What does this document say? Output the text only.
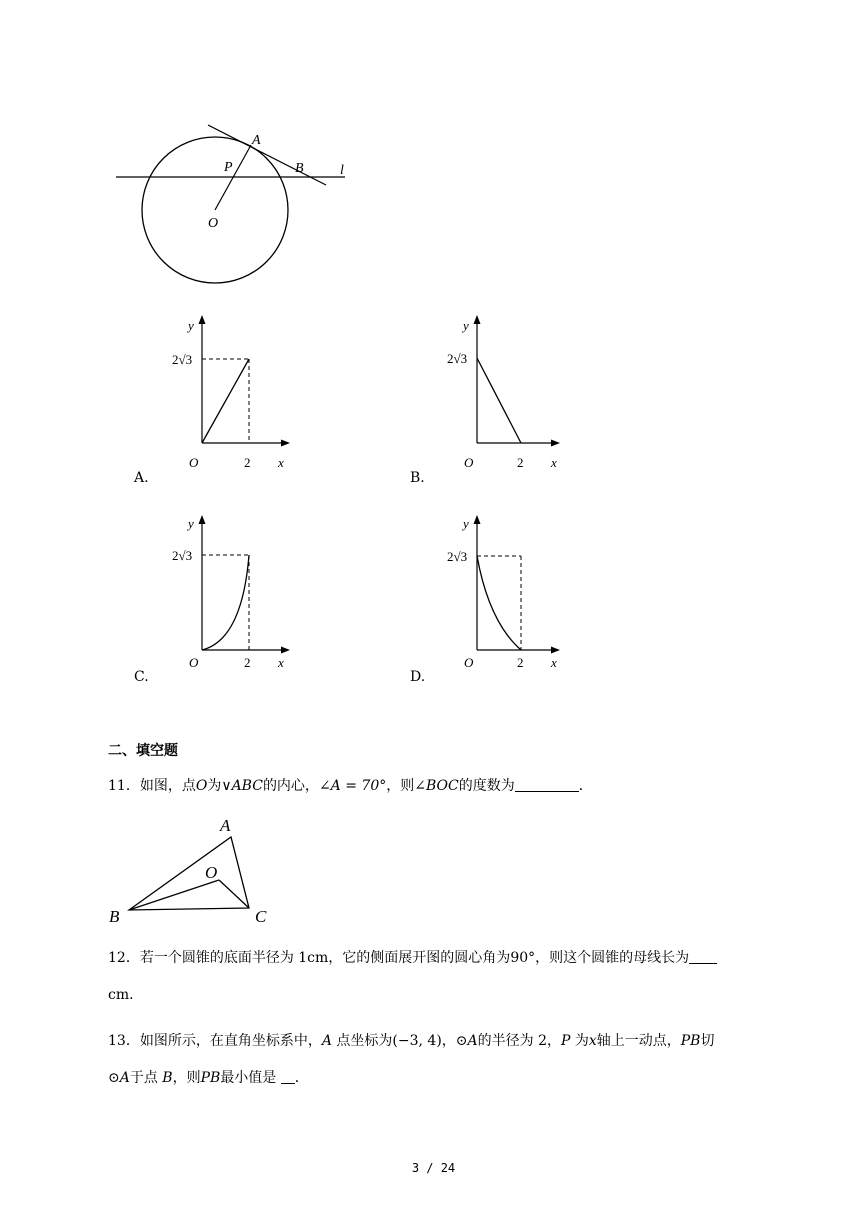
A
P	B	l
O
y
2√3
O	2 x
A.
y
2√3
O	2 x
B.
y
2√3
O	2 x
C.
y
2√3
O	2 x
D.
二、填空题
11．如图，点O为∨ABC的内心，∠A = 70°，则∠BOC的度数为	．
A
O
B	C
12．若一个圆锥的底面半径为 1cm，它的侧面展开图的圆心角为90°，则这个圆锥的母线长为
cm．
13．如图所示，在直角坐标系中，A 点坐标为(−3, 4)，⊙A的半径为 2，P 为x轴上一动点，PB切
⊙A于点 B，则PB最小值是 ．
3 / 24
